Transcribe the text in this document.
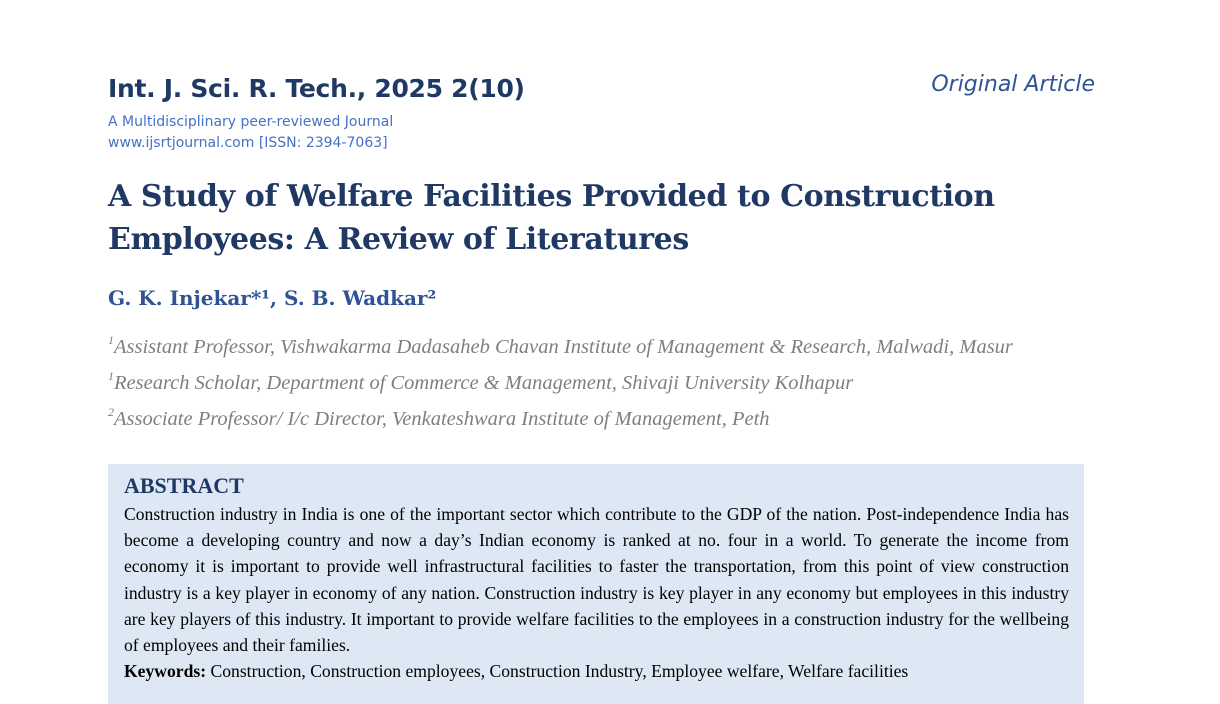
Int. J. Sci. R. Tech., 2025 2(10)	Original Article
A Multidisciplinary peer-reviewed Journal
www.ijsrtjournal.com [ISSN: 2394-7063]
A Study of Welfare Facilities Provided to Construction Employees: A Review of Literatures
G. K. Injekar*¹, S. B. Wadkar²
$^1$Assistant Professor, Vishwakarma Dadasaheb Chavan Institute of Management & Research, Malwadi, Masur
$^1$Research Scholar, Department of Commerce & Management, Shivaji University Kolhapur
$^2$Associate Professor/ I/c Director, Venkateshwara Institute of Management, Peth
ABSTRACT
Construction industry in India is one of the important sector which contribute to the GDP of the nation. Post-independence India has become a developing country and now a day’s Indian economy is ranked at no. four in a world. To generate the income from economy it is important to provide well infrastructural facilities to faster the transportation, from this point of view construction industry is a key player in economy of any nation. Construction industry is key player in any economy but employees in this industry are key players of this industry. It important to provide welfare facilities to the employees in a construction industry for the wellbeing of employees and their families.
Keywords: Construction, Construction employees, Construction Industry, Employee welfare, Welfare facilities
